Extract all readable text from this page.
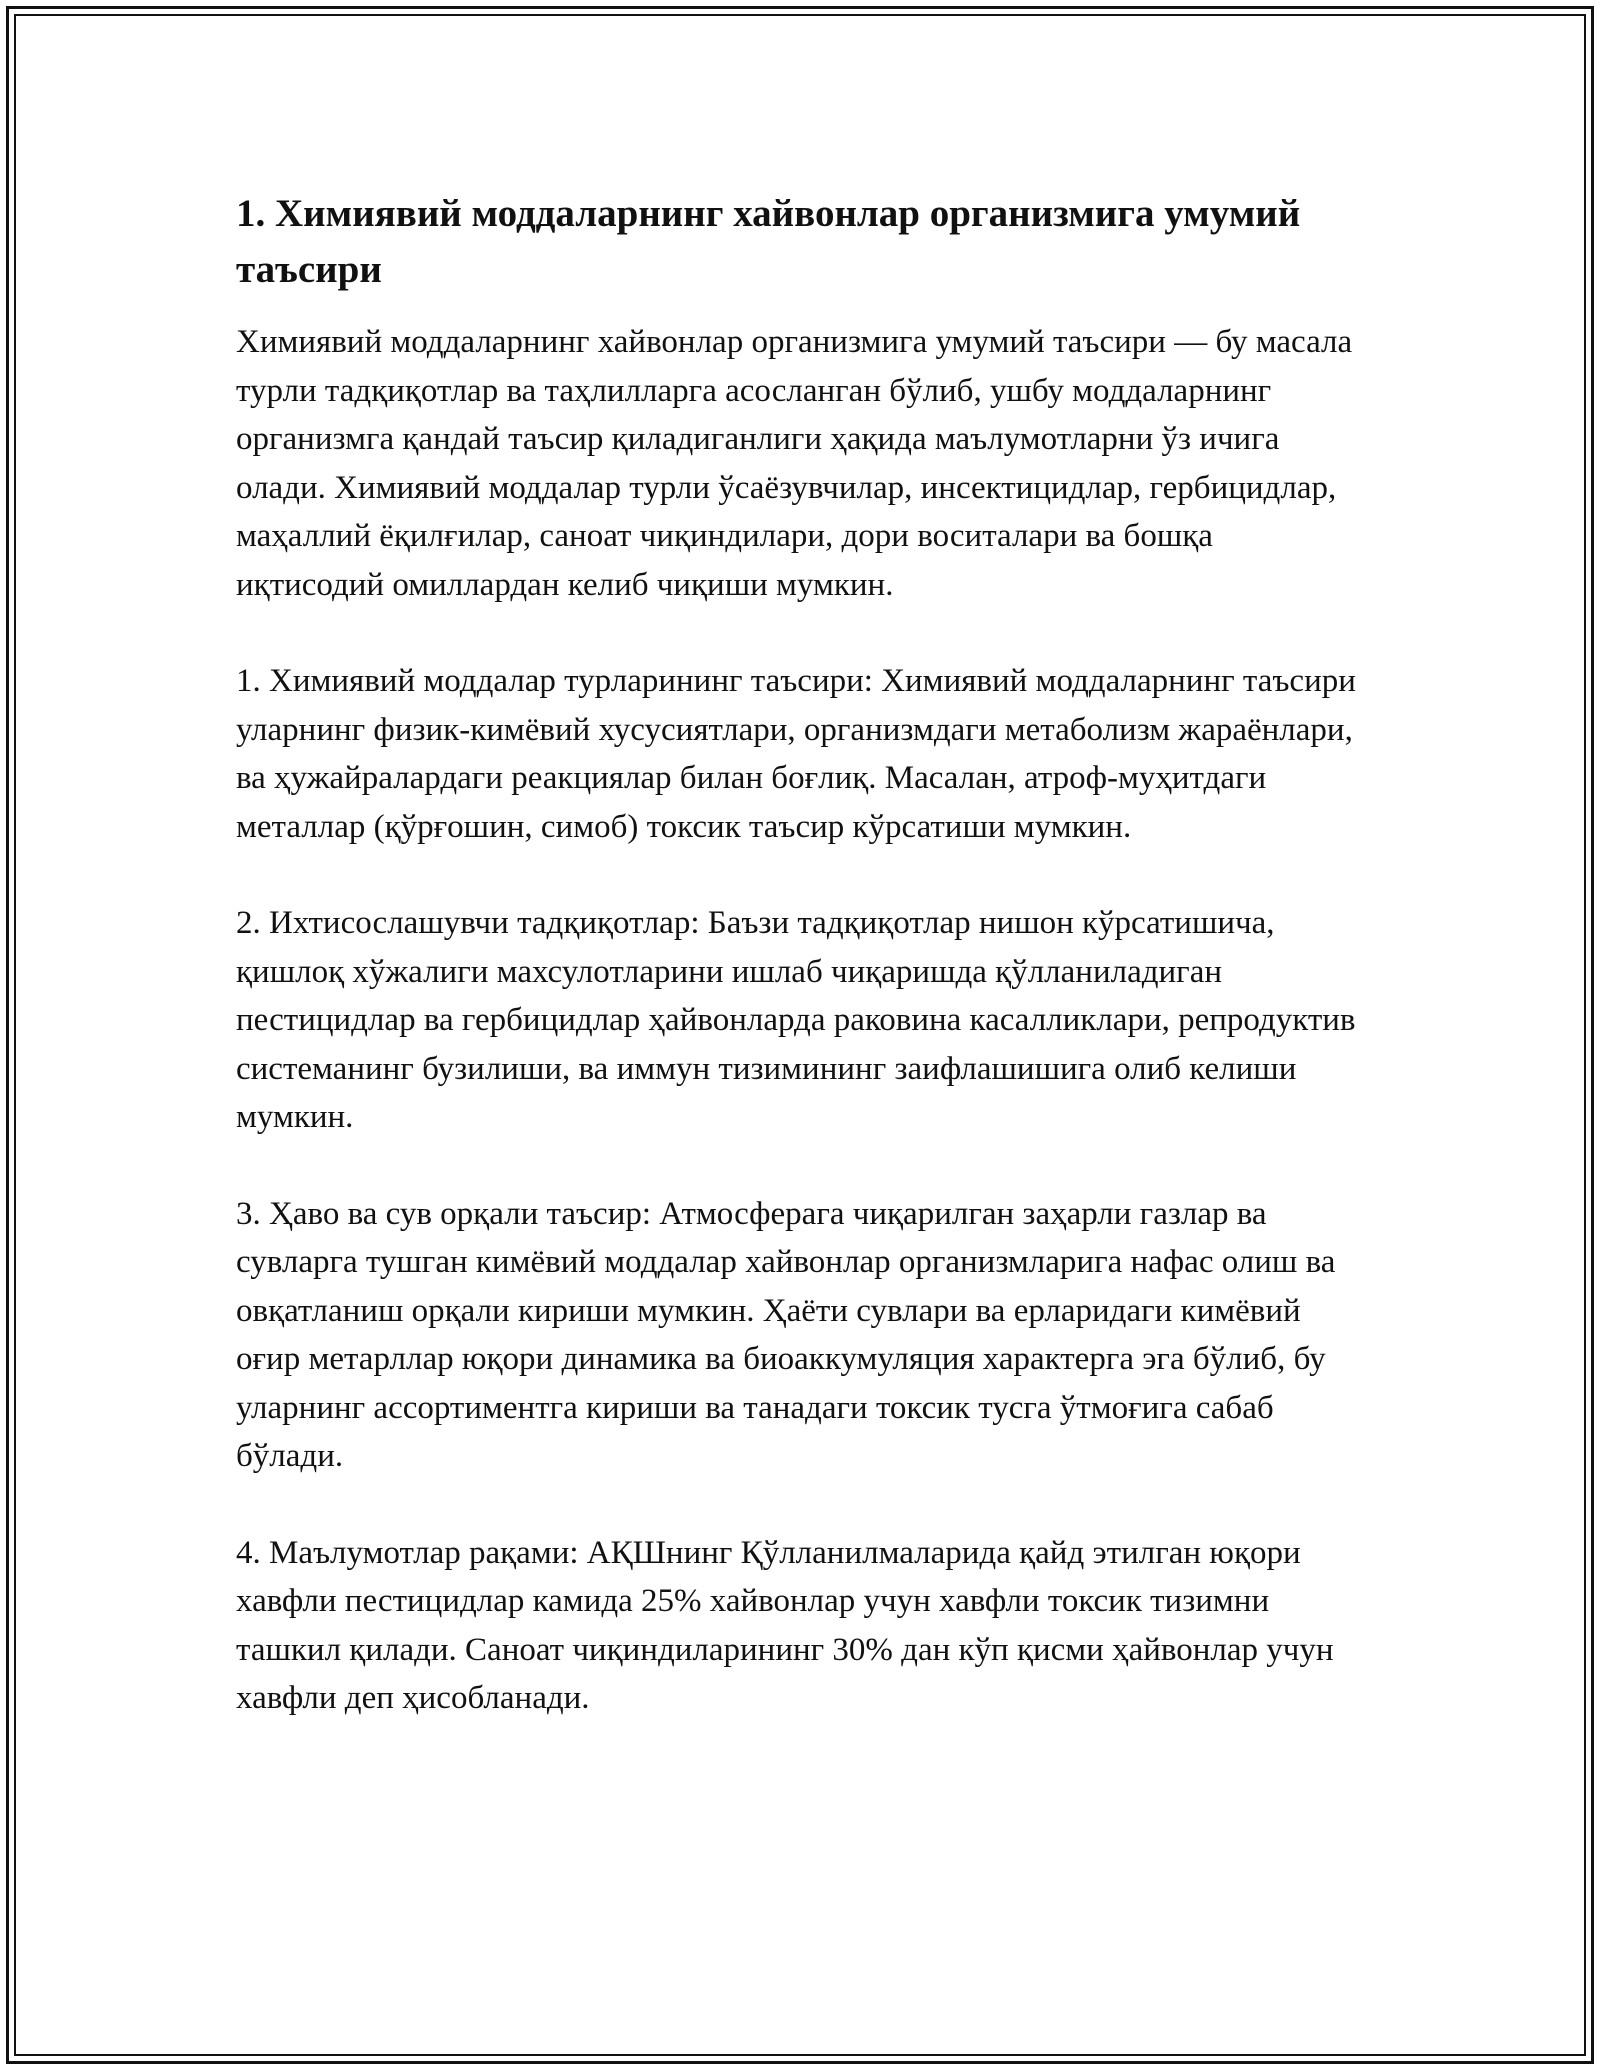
1. Химиявий моддаларнинг хайвонлар организмига умумий таъсири

Химиявий моддаларнинг хайвонлар организмига умумий таъсири — бу масала турли тадқиқотлар ва таҳлилларга асосланган бўлиб, ушбу моддаларнинг организмга қандай таъсир қиладиганлиги ҳақида маълумотларни ўз ичига олади. Химиявий моддалар турли ўсаёзувчилар, инсектицидлар, гербицидлар, маҳаллий ёқилғилар, саноат чиқиндилари, дори воситалари ва бошқа иқтисодий омиллардан келиб чиқиши мумкин.

1. Химиявий моддалар турларининг таъсири: Химиявий моддаларнинг таъсири уларнинг физик-кимёвий хусусиятлари, организмдаги метаболизм жараёнлари, ва ҳужайралардаги реакциялар билан боғлиқ. Масалан, атроф-муҳитдаги металлар (қўрғошин, симоб) токсик таъсир кўрсатиши мумкин.

2. Ихтисослашувчи тадқиқотлар: Баъзи тадқиқотлар нишон кўрсатишича, қишлоқ хўжалиги махсулотларини ишлаб чиқаришда қўлланиладиган пестицидлар ва гербицидлар ҳайвонларда раковина касалликлари, репродуктив системанинг бузилиши, ва иммун тизимининг заифлашишига олиб келиши мумкин.

3. Ҳаво ва сув орқали таъсир: Атмосферага чиқарилган заҳарли газлар ва сувларга тушган кимёвий моддалар хайвонлар организмларига нафас олиш ва овқатланиш орқали кириши мумкин. Ҳаёти сувлари ва ерларидаги кимёвий оғир метарллар юқори динамика ва биоаккумуляция характерга эга бўлиб, бу уларнинг ассортиментга кириши ва танадаги токсик тусга ўтмоғига сабаб бўлади.

4. Маълумотлар рақами: АҚШнинг Қўлланилмаларида қайд этилган юқори хавфли пестицидлар камида 25% хайвонлар учун хавфли токсик тизимни ташкил қилади. Саноат чиқиндиларининг 30% дан кўп қисми ҳайвонлар учун хавфли деп ҳисобланади.
